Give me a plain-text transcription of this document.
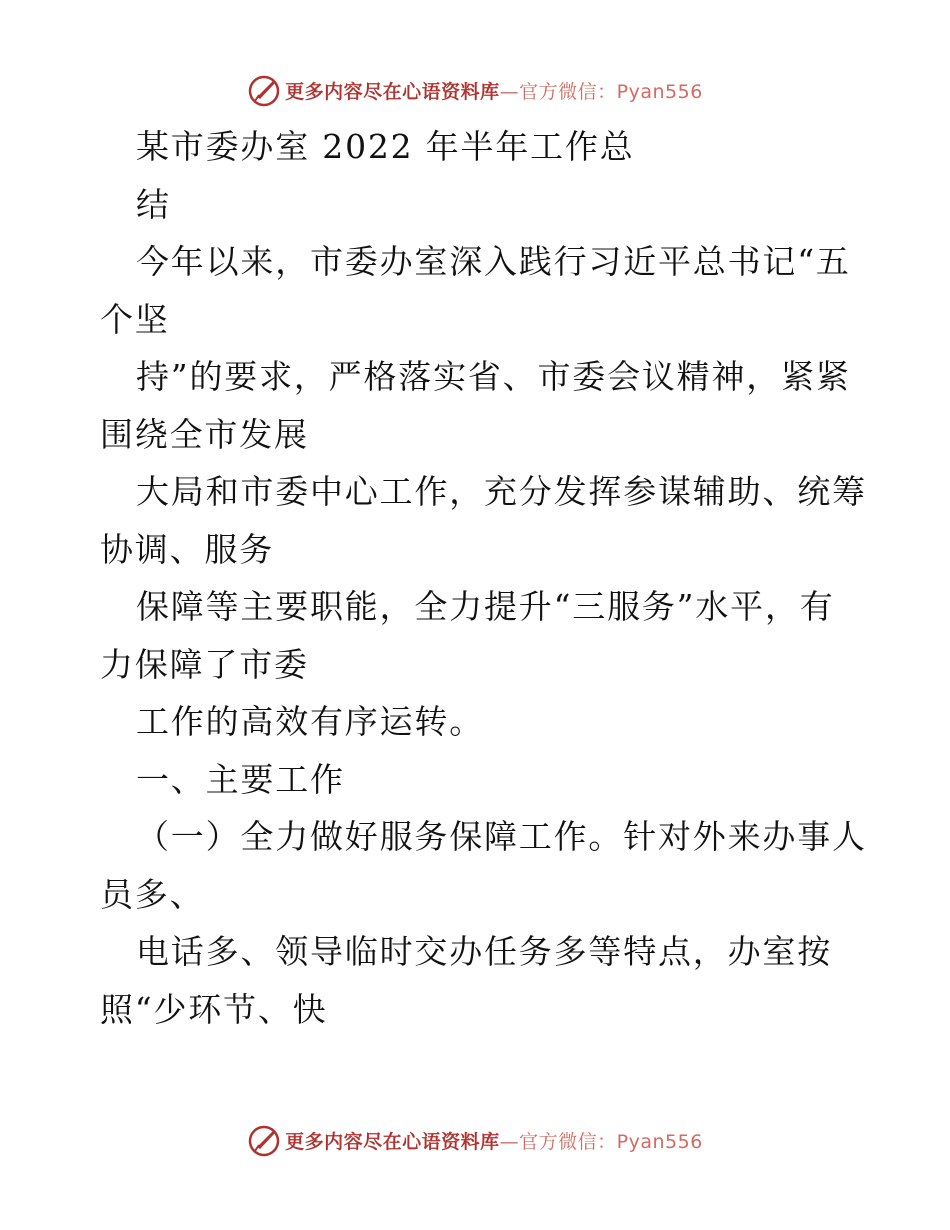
更多内容尽在心语资料库—官方微信：Pyan556

某市委办室 2022 年半年工作总

结

今年以来，市委办室深入践行习近平总书记“五

个坚

持”的要求，严格落实省、市委会议精神，紧紧

围绕全市发展

大局和市委中心工作，充分发挥参谋辅助、统筹

协调、服务

保障等主要职能，全力提升“三服务”水平，有

力保障了市委

工作的高效有序运转。

一、主要工作

（一）全力做好服务保障工作。针对外来办事人

员多、

电话多、领导临时交办任务多等特点，办室按

照“少环节、快

更多内容尽在心语资料库—官方微信：Pyan556
